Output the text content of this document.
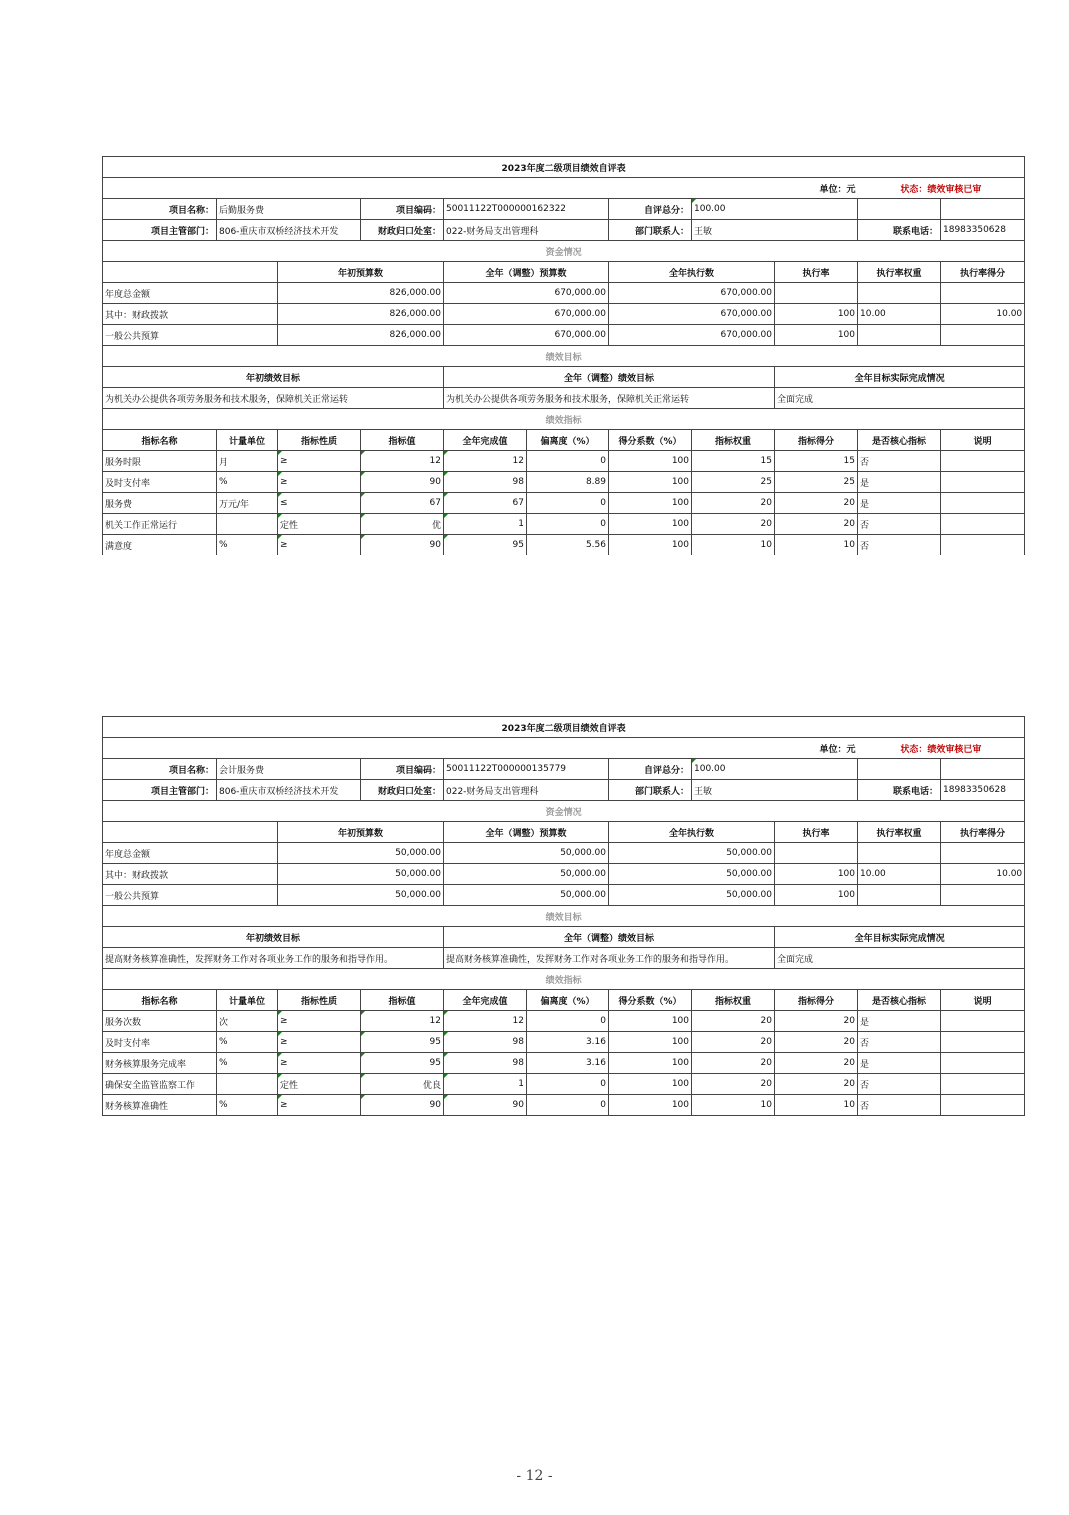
2023年度二级项目绩效自评表										
单位：元									状态：绩效审核已审	
项目名称：	后勤服务费		项目编码：	50011122T000000162322		自评总分：	100.00			
项目主管部门：	806-重庆市双桥经济技术开发		财政归口处室：	022-财务局支出管理科		部门联系人：	王敏		联系电话：	18983350628
资金情况										
		年初预算数		全年（调整）预算数		全年执行数		执行率	执行率权重	执行率得分
年度总金额		826,000.00		670,000.00		670,000.00				
其中：财政拨款		826,000.00		670,000.00		670,000.00		100	10.00	10.00
一般公共预算		826,000.00		670,000.00		670,000.00		100		
绩效目标										
年初绩效目标				全年（调整）绩效目标				全年目标实际完成情况		
为机关办公提供各项劳务服务和技术服务，保障机关正常运转				为机关办公提供各项劳务服务和技术服务，保障机关正常运转				全面完成		
绩效指标										
指标名称	计量单位	指标性质	指标值	全年完成值	偏离度（%）	得分系数（%）	指标权重	指标得分	是否核心指标	说明
服务时限	月	≥	12	12	0	100	15	15	否	
及时支付率	%	≥	90	98	8.89	100	25	25	是	
服务费	万元/年	≤	67	67	0	100	20	20	是	
机关工作正常运行		定性	优	1	0	100	20	20	否	
满意度	%	≥	90	95	5.56	100	10	10	否	
2023年度二级项目绩效自评表										
单位：元									状态：绩效审核已审	
项目名称：	会计服务费		项目编码：	50011122T000000135779		自评总分：	100.00			
项目主管部门：	806-重庆市双桥经济技术开发		财政归口处室：	022-财务局支出管理科		部门联系人：	王敏		联系电话：	18983350628
资金情况										
		年初预算数		全年（调整）预算数		全年执行数		执行率	执行率权重	执行率得分
年度总金额		50,000.00		50,000.00		50,000.00				
其中：财政拨款		50,000.00		50,000.00		50,000.00		100	10.00	10.00
一般公共预算		50,000.00		50,000.00		50,000.00		100		
绩效目标										
年初绩效目标				全年（调整）绩效目标				全年目标实际完成情况		
提高财务核算准确性，发挥财务工作对各项业务工作的服务和指导作用。				提高财务核算准确性，发挥财务工作对各项业务工作的服务和指导作用。				全面完成		
绩效指标										
指标名称	计量单位	指标性质	指标值	全年完成值	偏离度（%）	得分系数（%）	指标权重	指标得分	是否核心指标	说明
服务次数	次	≥	12	12	0	100	20	20	是	
及时支付率	%	≥	95	98	3.16	100	20	20	否	
财务核算服务完成率	%	≥	95	98	3.16	100	20	20	是	
确保安全监管监察工作		定性	优良	1	0	100	20	20	否	
财务核算准确性	%	≥	90	90	0	100	10	10	否	
- 12 -
